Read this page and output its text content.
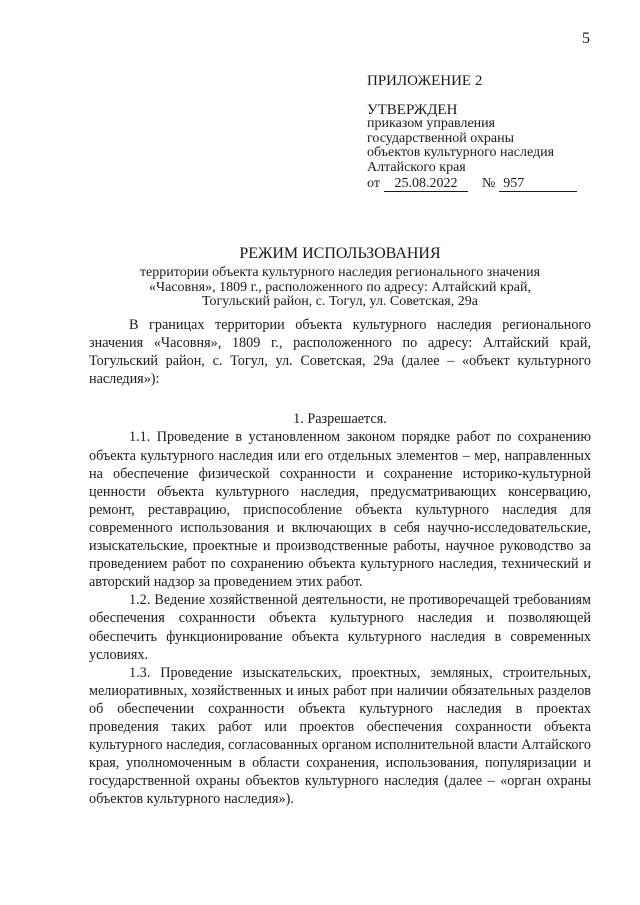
5
ПРИЛОЖЕНИЕ 2
УТВЕРЖДЕН
приказом управления
государственной охраны
объектов культурного наследия
Алтайского края
от 25.08.2022 № 957
РЕЖИМ ИСПОЛЬЗОВАНИЯ
территории объекта культурного наследия регионального значения
«Часовня», 1809 г., расположенного по адресу: Алтайский край,
Тогульский район, с. Тогул, ул. Советская, 29а

В границах территории объекта культурного наследия регионального значения «Часовня», 1809 г., расположенного по адресу: Алтайский край, Тогульский район, с. Тогул, ул. Советская, 29а (далее – «объект культурного наследия»):

1. Разрешается.

1.1. Проведение в установленном законом порядке работ по сохранению объекта культурного наследия или его отдельных элементов – мер, направленных на обеспечение физической сохранности и сохранение историко-культурной ценности объекта культурного наследия, предусматривающих консервацию, ремонт, реставрацию, приспособление объекта культурного наследия для современного использования и включающих в себя научно-исследовательские, изыскательские, проектные и производственные работы, научное руководство за проведением работ по сохранению объекта культурного наследия, технический и авторский надзор за проведением этих работ.

1.2. Ведение хозяйственной деятельности, не противоречащей требованиям обеспечения сохранности объекта культурного наследия и позволяющей обеспечить функционирование объекта культурного наследия в современных условиях.

1.3. Проведение изыскательских, проектных, земляных, строительных, мелиоративных, хозяйственных и иных работ при наличии обязательных разделов об обеспечении сохранности объекта культурного наследия в проектах проведения таких работ или проектов обеспечения сохранности объекта культурного наследия, согласованных органом исполнительной власти Алтайского края, уполномоченным в области сохранения, использования, популяризации и государственной охраны объектов культурного наследия (далее – «орган охраны объектов культурного наследия»).
